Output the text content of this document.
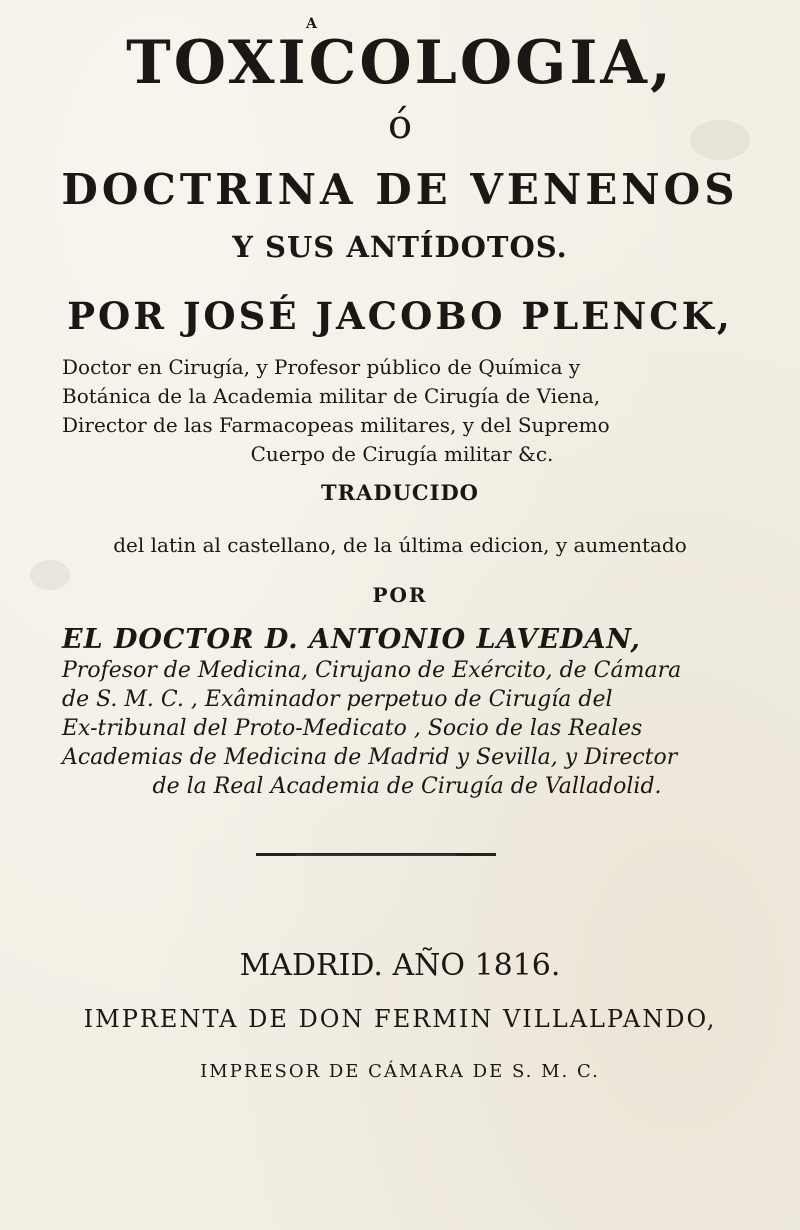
A
TOXICOLOGIA,
ó
DOCTRINA DE VENENOS
Y SUS ANTÍDOTOS.
POR JOSÉ JACOBO PLENCK,
Doctor en Cirugía, y Profesor público de Química y
Botánica de la Academia militar de Cirugía de Viena,
Director de las Farmacopeas militares, y del Supremo
Cuerpo de Cirugía militar &c.
TRADUCIDO
del latin al castellano, de la última edicion, y aumentado
POR
EL DOCTOR D. ANTONIO LAVEDAN,
Profesor de Medicina, Cirujano de Exército, de Cámara
de S. M. C. , Exâminador perpetuo de Cirugía del
Ex-tribunal del Proto-Medicato , Socio de las Reales
Academias de Medicina de Madrid y Sevilla, y Director
de la Real Academia de Cirugía de Valladolid.
MADRID. AÑO 1816.
IMPRENTA DE DON FERMIN VILLALPANDO,
IMPRESOR DE CÁMARA DE S. M. C.
